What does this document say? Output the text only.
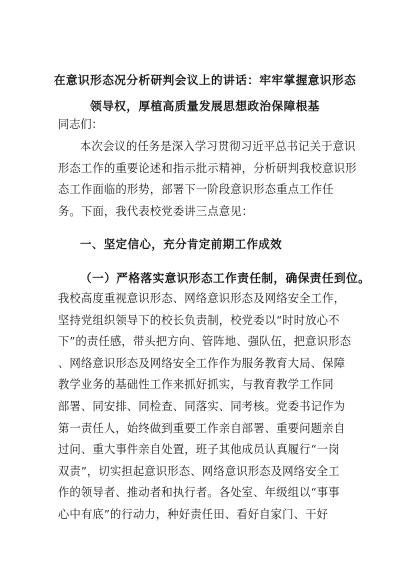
在意识形态况分析研判会议上的讲话：牢牢掌握意识形态
领导权，厚植高质量发展思想政治保障根基
同志们：
本次会议的任务是深入学习贯彻习近平总书记关于意识
形态工作的重要论述和指示批示精神，分析研判我校意识形
态工作面临的形势，部署下一阶段意识形态重点工作任
务。下面，我代表校党委讲三点意见：
一、坚定信心，充分肯定前期工作成效
（一）严格落实意识形态工作责任制，确保责任到位。
我校高度重视意识形态、网络意识形态及网络安全工作，
坚持党组织领导下的校长负责制，校党委以“时时放心不
下”的责任感，带头把方向、管阵地、强队伍，把意识形态
、网络意识形态及网络安全工作作为服务教育大局、保障
教学业务的基础性工作来抓好抓实，与教育教学工作同
部署、同安排、同检查、同落实、同考核。党委书记作为
第一责任人，始终做到重要工作亲自部署、重要问题亲自
过问、重大事件亲自处置，班子其他成员认真履行“一岗
双责”，切实担起意识形态、网络意识形态及网络安全工
作的领导者、推动者和执行者。各处室、年级组以“事事
心中有底”的行动力，种好责任田、看好自家门、干好
